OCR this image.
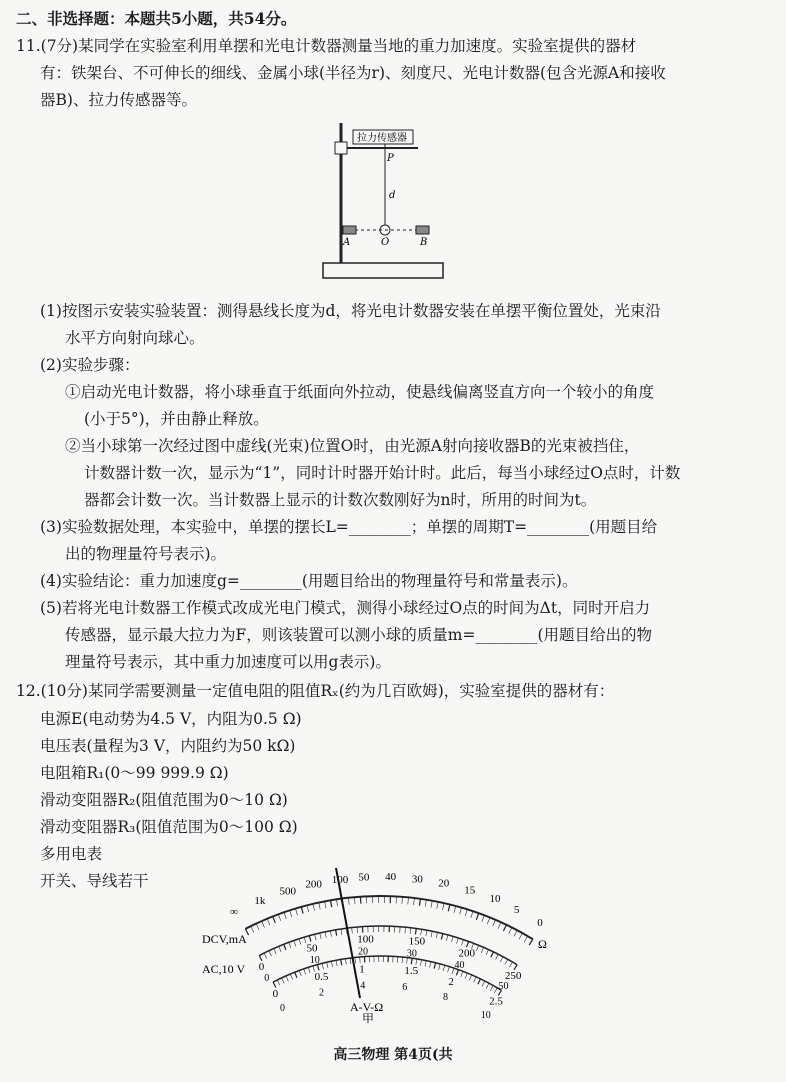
二、非选择题：本题共5小题，共54分。
11.(7分)某同学在实验室利用单摆和光电计数器测量当地的重力加速度。实验室提供的器材
有：铁架台、不可伸长的细线、金属小球(半径为r)、刻度尺、光电计数器(包含光源A和接收
器B)、拉力传感器等。
拉力传感器
P
d
A	O	B
(1)按图示安装实验装置：测得悬线长度为d，将光电计数器安装在单摆平衡位置处，光束沿
水平方向射向球心。
(2)实验步骤：
①启动光电计数器，将小球垂直于纸面向外拉动，使悬线偏离竖直方向一个较小的角度
(小于5°)，并由静止释放。
②当小球第一次经过图中虚线(光束)位置O时，由光源A射向接收器B的光束被挡住，
计数器计数一次，显示为“1”，同时计时器开始计时。此后，每当小球经过O点时，计数
器都会计数一次。当计数器上显示的计数次数刚好为n时，所用的时间为t。
(3)实验数据处理，本实验中，单摆的摆长L=________；单摆的周期T=________(用题目给
出的物理量符号表示)。
(4)实验结论：重力加速度g=________(用题目给出的物理量符号和常量表示)。
(5)若将光电计数器工作模式改成光电门模式，测得小球经过O点的时间为Δt，同时开启力
传感器，显示最大拉力为F，则该装置可以测小球的质量m=________(用题目给出的物
理量符号表示，其中重力加速度可以用g表示)。
12.(10分)某同学需要测量一定值电阻的阻值Rₓ(约为几百欧姆)，实验室提供的器材有：
电源E(电动势为4.5 V，内阻为0.5 Ω)
电压表(量程为3 V，内阻约为50 kΩ)
电阻箱R₁(0～99 999.9 Ω)
滑动变阻器R₂(阻值范围为0～10 Ω)
滑动变阻器R₃(阻值范围为0～100 Ω)
多用电表
开关、导线若干
∞
1k
500
200 100 50 40 30 20
15
10
5
0
0
50
100	150
200
250
0
10
20	30
40
50
0
0.5
1	1.5
2
2.5
0
2
4	6
8
10
DCV,mA
AC,10 V
Ω
A-V-Ω
甲
高三物理 第4页(共
